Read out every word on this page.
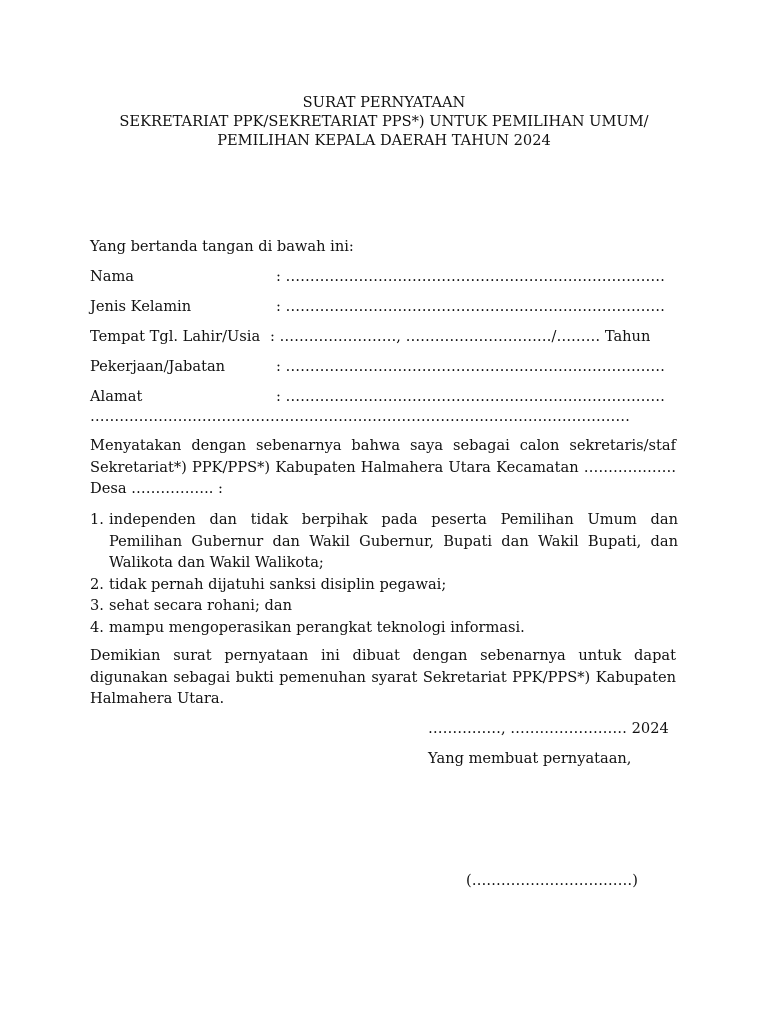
SURAT PERNYATAAN
SEKRETARIAT PPK/SEKRETARIAT PPS*) UNTUK PEMILIHAN UMUM/
PEMILIHAN KEPALA DAERAH TAHUN 2024
Yang bertanda tangan di bawah ini:
Nama	: ……………………………………………………………………
Jenis Kelamin	: ……………………………………………………………………
Tempat Tgl. Lahir/Usia : ……………………, …………………………/……… Tahun
Pekerjaan/Jabatan	: ……………………………………………………………………
Alamat	: ……………………………………………………………………
…………………………………………………………………………………………………
Menyatakan dengan sebenarnya bahwa saya sebagai calon sekretaris/staf Sekretariat*) PPK/PPS*) Kabupaten Halmahera Utara Kecamatan ………………. Desa …………….. :
1. independen dan tidak berpihak pada peserta Pemilihan Umum dan Pemilihan Gubernur dan Wakil Gubernur, Bupati dan Wakil Bupati, dan Walikota dan Wakil Walikota;
2. tidak pernah dijatuhi sanksi disiplin pegawai;
3. sehat secara rohani; dan
4. mampu mengoperasikan perangkat teknologi informasi.
Demikian surat pernyataan ini dibuat dengan sebenarnya untuk dapat digunakan sebagai bukti pemenuhan syarat Sekretariat PPK/PPS*) Kabupaten Halmahera Utara.
……………, …………………… 2024
Yang membuat pernyataan,
(……………………………)
